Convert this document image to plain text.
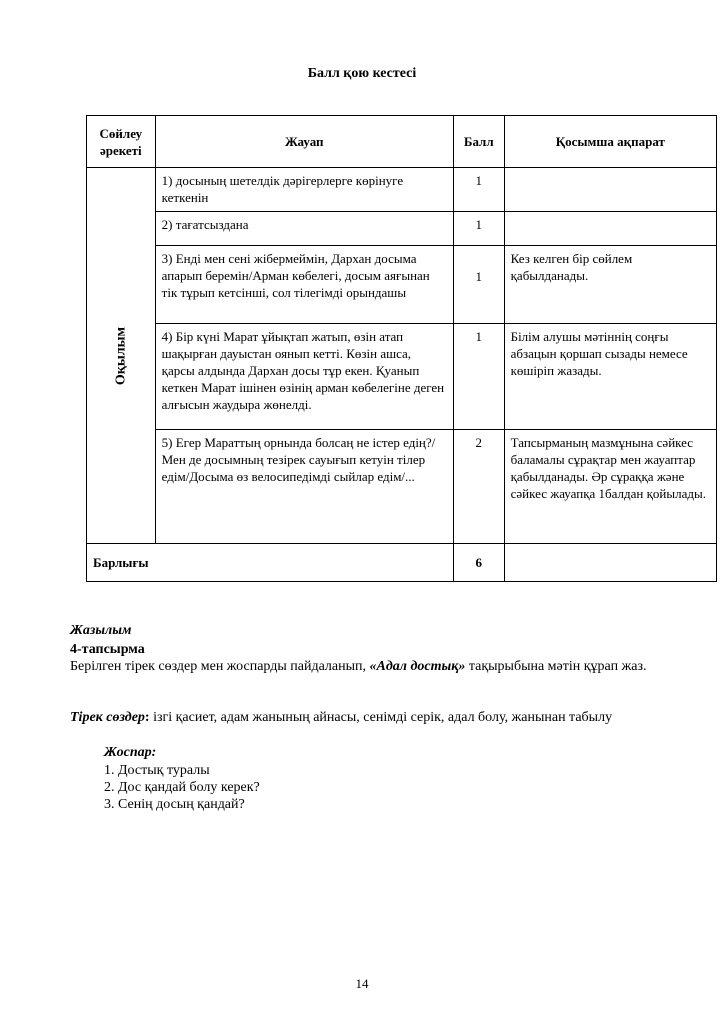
Балл қою кестесі
Сөйлеу әрекеті	Жауап	Балл	Қосымша ақпарат

Оқылым	1) досының шетелдік дәрігерлерге көрінуге кеткенін	1	

	2) тағатсыздана	1	

	3) Енді мен сені жібермеймін, Дархан досыма апарып беремін/Арман көбелегі, досым аяғынан тік тұрып кетсінші, сол тілегімді орындашы	1	Кез келген бір сөйлем қабылданады.

	4) Бір күні Марат ұйықтап жатып, өзін атап шақырған дауыстан оянып кетті. Көзін ашса, қарсы алдында Дархан досы тұр екен. Қуанып кеткен Марат ішінен өзінің арман көбелегіне деген алғысын жаудыра жөнелді.	1	Білім алушы мәтіннің соңғы абзацын қоршап сызады немесе көшіріп жазады.

	5) Егер Мараттың орнында болсаң не істер едің?/ Мен де досымның тезірек сауығып кетуін тілер едім/Досыма өз велосипедімді сыйлар едім/...	2	Тапсырманың мазмұнына сәйкес баламалы сұрақтар мен жауаптар қабылданады. Әр сұраққа және сәйкес жауапқа 1балдан қойылады.

Барлығы		6	

Жазылым
4-тапсырма
Берілген тірек сөздер мен жоспарды пайдаланып, «Адал достық» тақырыбына мәтін құрап жаз.
Тірек сөздер: ізгі қасиет, адам жанының айнасы, сенімді серік, адал болу, жанынан табылу
Жоспар:
1. Достық туралы
2. Дос қандай болу керек?
3. Сенің досың қандай?
14
